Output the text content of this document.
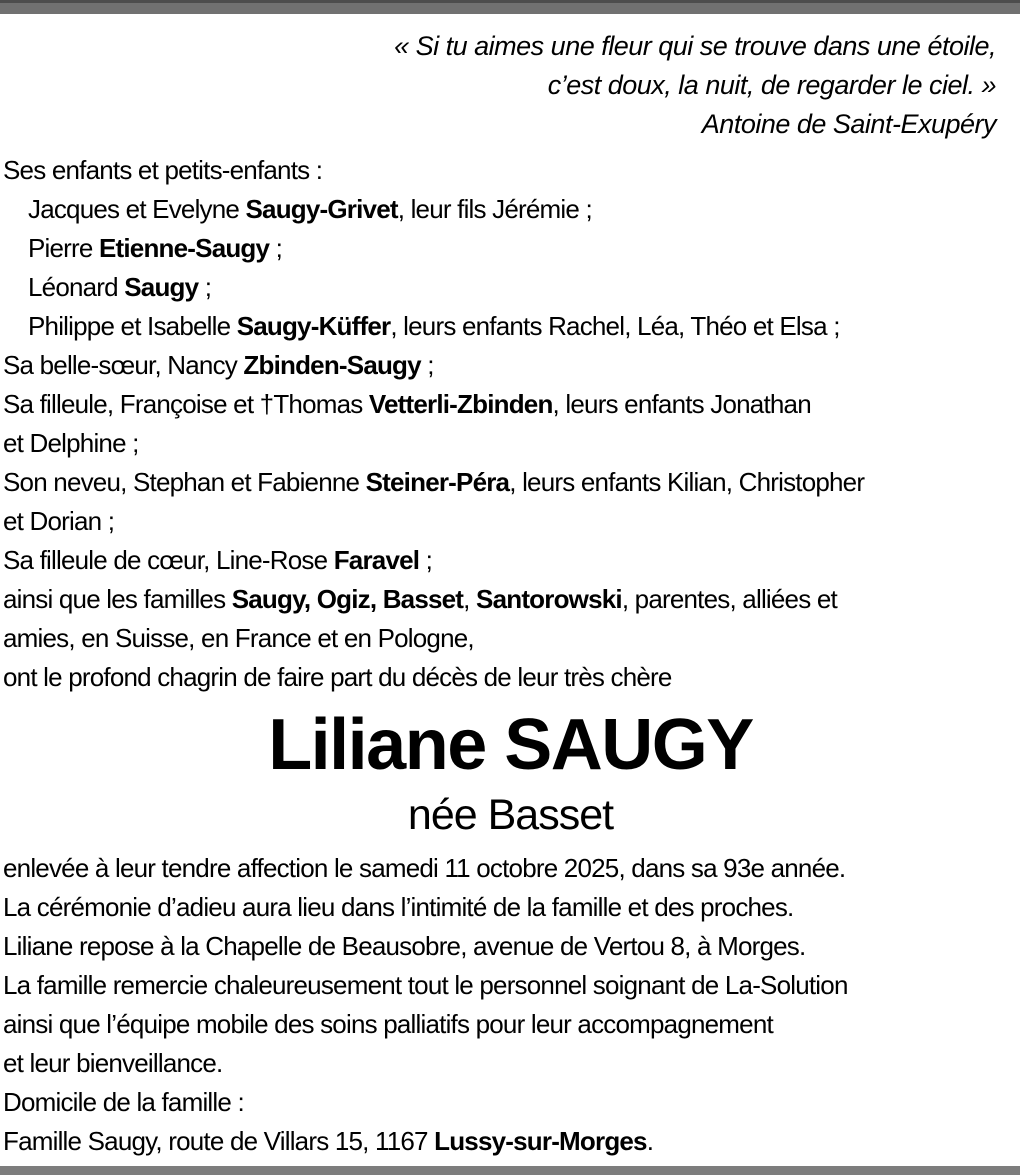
« Si tu aimes une fleur qui se trouve dans une étoile,
c’est doux, la nuit, de regarder le ciel. »
Antoine de Saint-Exupéry
Ses enfants et petits-enfants :
Jacques et Evelyne Saugy-Grivet, leur fils Jérémie ;
Pierre Etienne-Saugy ;
Léonard Saugy ;
Philippe et Isabelle Saugy-Küffer, leurs enfants Rachel, Léa, Théo et Elsa ;
Sa belle-sœur, Nancy Zbinden-Saugy ;
Sa filleule, Françoise et †Thomas Vetterli-Zbinden, leurs enfants Jonathan
et Delphine ;
Son neveu, Stephan et Fabienne Steiner-Péra, leurs enfants Kilian, Christopher
et Dorian ;
Sa filleule de cœur, Line-Rose Faravel ;
ainsi que les familles Saugy, Ogiz, Basset, Santorowski, parentes, alliées et
amies, en Suisse, en France et en Pologne,
ont le profond chagrin de faire part du décès de leur très chère
Liliane SAUGY
née Basset
enlevée à leur tendre affection le samedi 11 octobre 2025, dans sa 93e année.
La cérémonie d’adieu aura lieu dans l’intimité de la famille et des proches.
Liliane repose à la Chapelle de Beausobre, avenue de Vertou 8, à Morges.
La famille remercie chaleureusement tout le personnel soignant de La-Solution
ainsi que l’équipe mobile des soins palliatifs pour leur accompagnement
et leur bienveillance.
Domicile de la famille :
Famille Saugy, route de Villars 15, 1167 Lussy-sur-Morges.
